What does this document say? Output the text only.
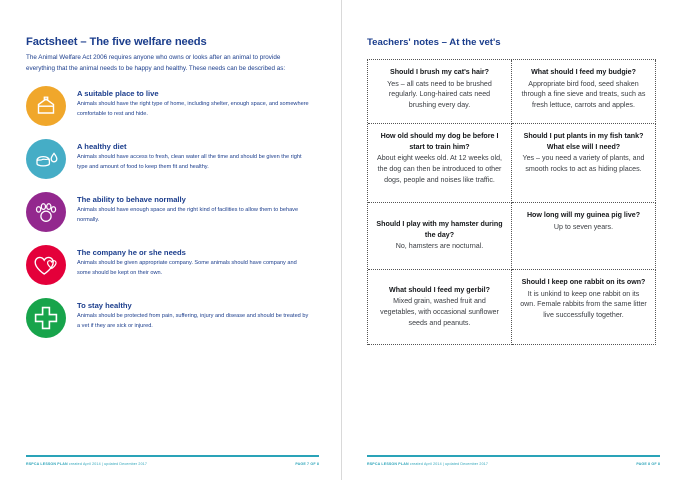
Factsheet – The five welfare needs

The Animal Welfare Act 2006 requires anyone who owns or looks after an animal to provide everything that the animal needs to be happy and healthy. These needs can be described as:

A suitable place to live

Animals should have the right type of home, including shelter, enough space, and somewhere comfortable to rest and hide.

A healthy diet

Animals should have access to fresh, clean water all the time and should be given the right type and amount of food to keep them fit and healthy.

The ability to behave normally

Animals should have enough space and the right kind of facilities to allow them to behave normally.

The company he or she needs

Animals should be given appropriate company. Some animals should have company and some should be kept on their own.

To stay healthy

Animals should be protected from pain, suffering, injury and disease and should be treated by a vet if they are sick or injured.

RSPCA LESSON PLAN created April 2014 | updated December 2017	PAGE 7 OF 8
Teachers' notes – At the vet's

Should I brush my cat's hair?

Yes – all cats need to be brushed regularly. Long-haired cats need brushing every day.

What should I feed my budgie?

Appropriate bird food, seed shaken through a fine sieve and treats, such as fresh lettuce, carrots and apples.

How old should my dog be before I start to train him?

About eight weeks old. At 12 weeks old, the dog can then be introduced to other dogs, people and noises like traffic.

Should I put plants in my fish tank? What else will I need?

Yes – you need a variety of plants, and smooth rocks to act as hiding places.

Should I play with my hamster during the day?

No, hamsters are nocturnal.

How long will my guinea pig live?

Up to seven years.

What should I feed my gerbil?

Mixed grain, washed fruit and vegetables, with occasional sunflower seeds and peanuts.

Should I keep one rabbit on its own?

It is unkind to keep one rabbit on its own. Female rabbits from the same litter live successfully together.

RSPCA LESSON PLAN created April 2014 | updated December 2017	PAGE 8 OF 8
